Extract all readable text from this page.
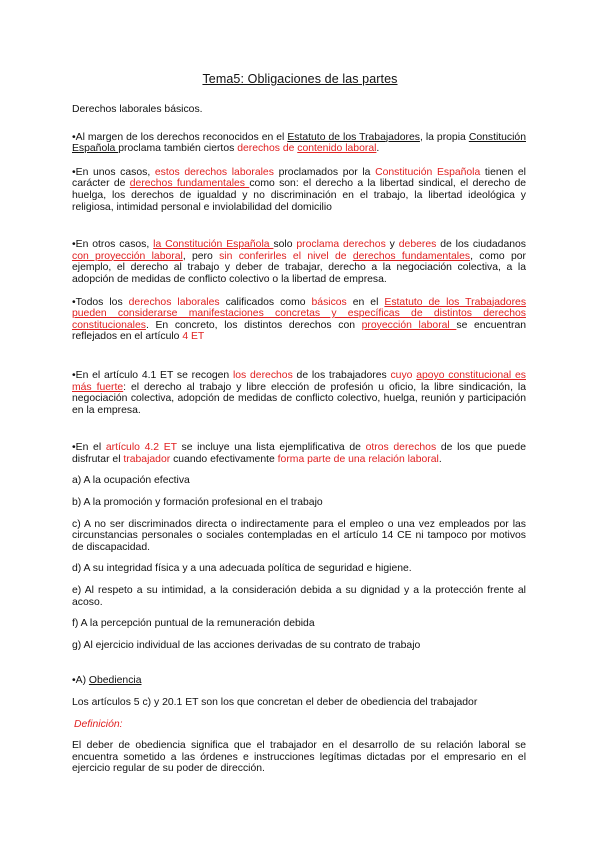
Tema5: Obligaciones de las partes

Derechos laborales básicos.

•Al margen de los derechos reconocidos en el Estatuto de los Trabajadores, la propia Constitución Española proclama también ciertos derechos de contenido laboral.

•En unos casos, estos derechos laborales proclamados por la Constitución Española tienen el carácter de derechos fundamentales como son: el derecho a la libertad sindical, el derecho de huelga, los derechos de igualdad y no discriminación en el trabajo, la libertad ideológica y religiosa, intimidad personal e inviolabilidad del domicilio

•En otros casos, la Constitución Española solo proclama derechos y deberes de los ciudadanos con proyección laboral, pero sin conferirles el nivel de derechos fundamentales, como por ejemplo, el derecho al trabajo y deber de trabajar, derecho a la negociación colectiva, a la adopción de medidas de conflicto colectivo o la libertad de empresa.

•Todos los derechos laborales calificados como básicos en el Estatuto de los Trabajadores pueden considerarse manifestaciones concretas y específicas de distintos derechos constitucionales. En concreto, los distintos derechos con proyección laboral se encuentran reflejados en el artículo 4 ET

•En el artículo 4.1 ET se recogen los derechos de los trabajadores cuyo apoyo constitucional es más fuerte: el derecho al trabajo y libre elección de profesión u oficio, la libre sindicación, la negociación colectiva, adopción de medidas de conflicto colectivo, huelga, reunión y participación en la empresa.

•En el artículo 4.2 ET se incluye una lista ejemplificativa de otros derechos de los que puede disfrutar el trabajador cuando efectivamente forma parte de una relación laboral.

a) A la ocupación efectiva

b) A la promoción y formación profesional en el trabajo

c) A no ser discriminados directa o indirectamente para el empleo o una vez empleados por las circunstancias personales o sociales contempladas en el artículo 14 CE ni tampoco por motivos de discapacidad.

d) A su integridad física y a una adecuada política de seguridad e higiene.

e) Al respeto a su intimidad, a la consideración debida a su dignidad y a la protección frente al acoso.

f) A la percepción puntual de la remuneración debida

g) Al ejercicio individual de las acciones derivadas de su contrato de trabajo

•A) Obediencia

Los artículos 5 c) y 20.1 ET son los que concretan el deber de obediencia del trabajador

Definición:

El deber de obediencia significa que el trabajador en el desarrollo de su relación laboral se encuentra sometido a las órdenes e instrucciones legítimas dictadas por el empresario en el ejercicio regular de su poder de dirección.
